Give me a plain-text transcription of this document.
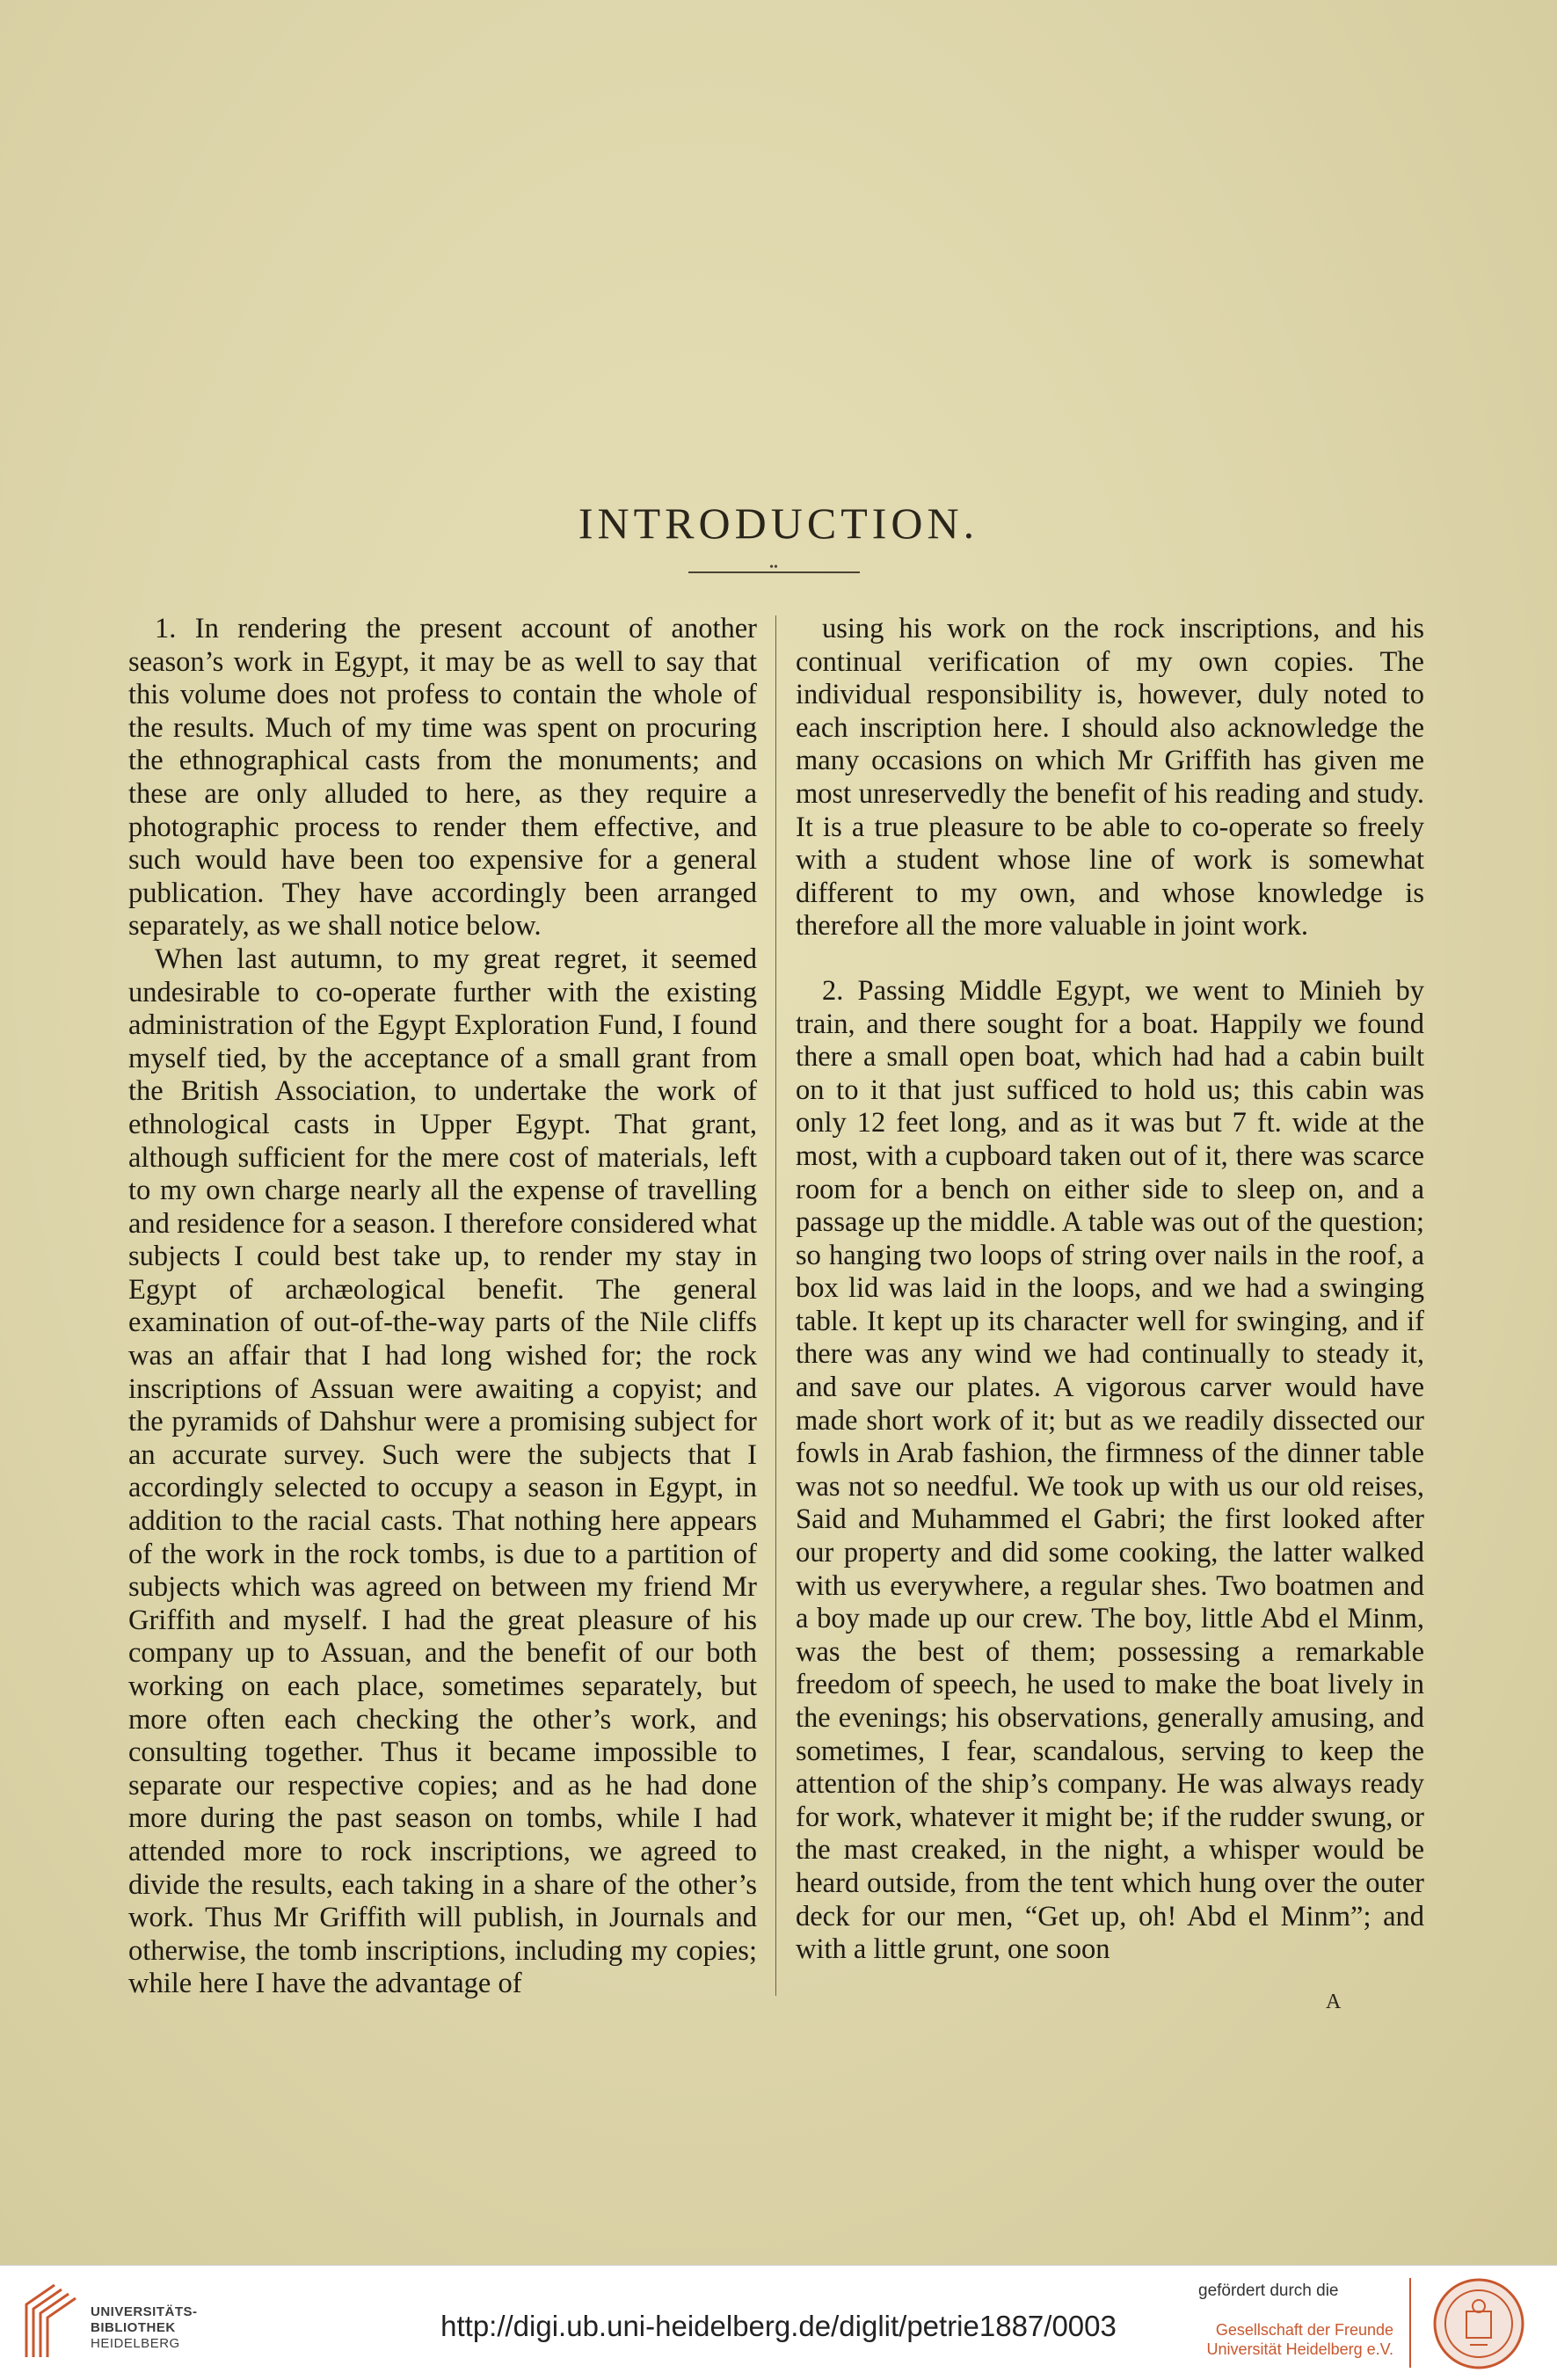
INTRODUCTION.
••

1. In rendering the present account of another season’s work in Egypt, it may be as well to say that this volume does not profess to contain the whole of the results. Much of my time was spent on procuring the ethnographical casts from the monuments; and these are only alluded to here, as they require a photographic process to render them effective, and such would have been too expensive for a general publication. They have accordingly been arranged separately, as we shall notice below.

When last autumn, to my great regret, it seemed undesirable to co-operate further with the existing administration of the Egypt Exploration Fund, I found myself tied, by the acceptance of a small grant from the British Association, to undertake the work of ethnological casts in Upper Egypt. That grant, although sufficient for the mere cost of materials, left to my own charge nearly all the expense of travelling and residence for a season. I therefore considered what subjects I could best take up, to render my stay in Egypt of archæological benefit. The general examination of out-of-the-way parts of the Nile cliffs was an affair that I had long wished for; the rock inscriptions of Assuan were awaiting a copyist; and the pyramids of Dahshur were a promising subject for an accurate survey. Such were the subjects that I accordingly selected to occupy a season in Egypt, in addition to the racial casts. That nothing here appears of the work in the rock tombs, is due to a partition of subjects which was agreed on between my friend Mr Griffith and myself. I had the great pleasure of his company up to Assuan, and the benefit of our both working on each place, sometimes separately, but more often each checking the other’s work, and consulting together. Thus it became impossible to separate our respective copies; and as he had done more during the past season on tombs, while I had attended more to rock inscriptions, we agreed to divide the results, each taking in a share of the other’s work. Thus Mr Griffith will publish, in Journals and otherwise, the tomb inscriptions, including my copies; while here I have the advantage of

using his work on the rock inscriptions, and his continual verification of my own copies. The individual responsibility is, however, duly noted to each inscription here. I should also acknowledge the many occasions on which Mr Griffith has given me most unreservedly the benefit of his reading and study. It is a true pleasure to be able to co-operate so freely with a student whose line of work is somewhat different to my own, and whose knowledge is therefore all the more valuable in joint work.

2. Passing Middle Egypt, we went to Minieh by train, and there sought for a boat. Happily we found there a small open boat, which had had a cabin built on to it that just sufficed to hold us; this cabin was only 12 feet long, and as it was but 7 ft. wide at the most, with a cupboard taken out of it, there was scarce room for a bench on either side to sleep on, and a passage up the middle. A table was out of the question; so hanging two loops of string over nails in the roof, a box lid was laid in the loops, and we had a swinging table. It kept up its character well for swinging, and if there was any wind we had continually to steady it, and save our plates. A vigorous carver would have made short work of it; but as we readily dissected our fowls in Arab fashion, the firmness of the dinner table was not so needful. We took up with us our old reises, Said and Muhammed el Gabri; the first looked after our property and did some cooking, the latter walked with us everywhere, a regular shes. Two boatmen and a boy made up our crew. The boy, little Abd el Minm, was the best of them; possessing a remarkable freedom of speech, he used to make the boat lively in the evenings; his observations, generally amusing, and sometimes, I fear, scandalous, serving to keep the attention of the ship’s company. He was always ready for work, whatever it might be; if the rudder swung, or the mast creaked, in the night, a whisper would be heard outside, from the tent which hung over the outer deck for our men, “Get up, oh! Abd el Minm”; and with a little grunt, one soon

A
UNIVERSITÄTS-
BIBLIOTHEK
HEIDELBERG
http://digi.ub.uni-heidelberg.de/diglit/petrie1887/0003
gefördert durch die
Gesellschaft der Freunde
Universität Heidelberg e.V.
